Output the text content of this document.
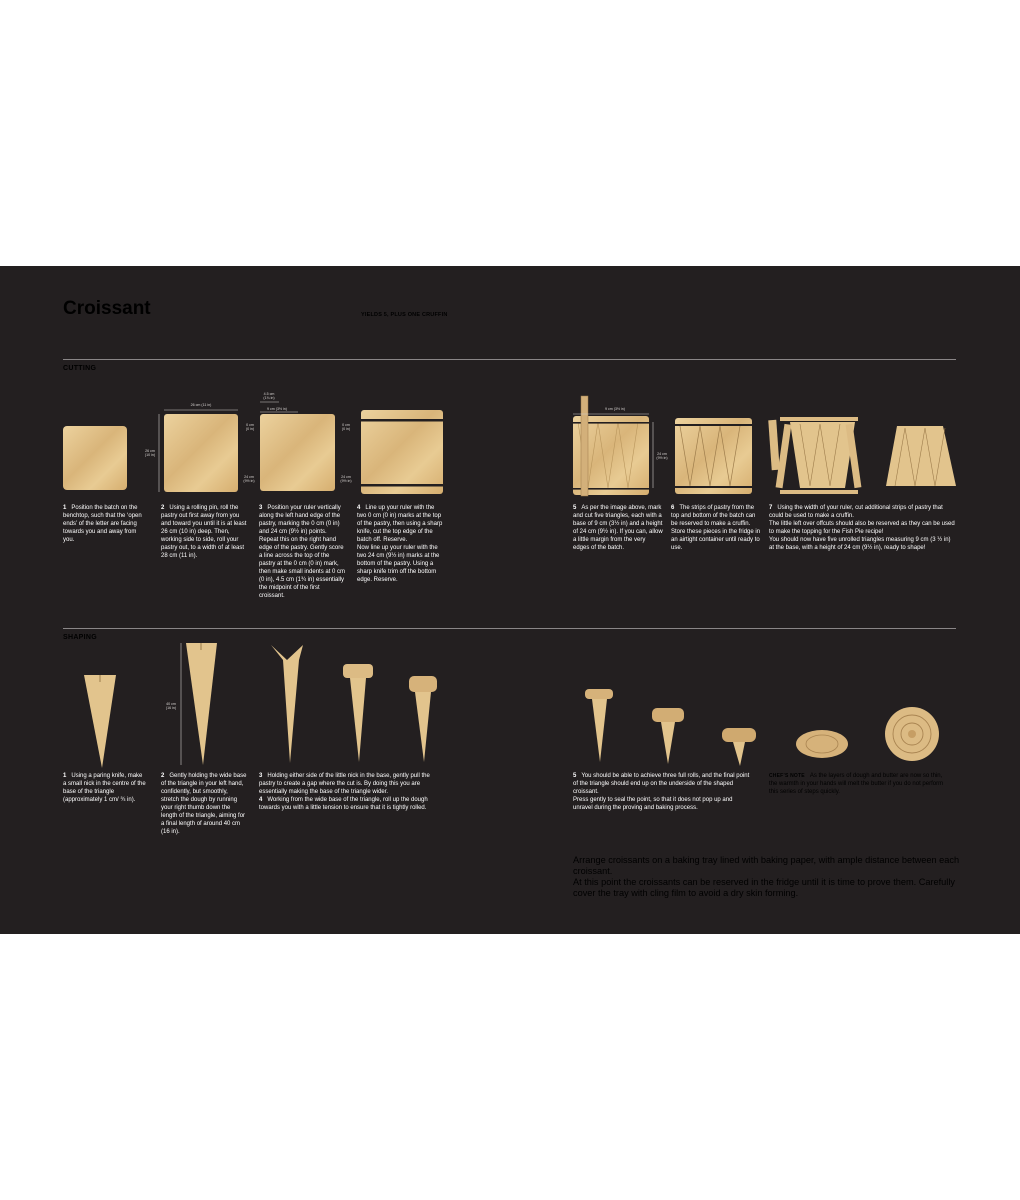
Croissant	YIELDS 5, PLUS ONE CRUFFIN
CUTTING
26 cm (11 in)
26 cm
(10 in)
4.5 cm
(1¾ in)
9 cm (3½ in)
0 cm
(0 in)
24 cm
(9½ in)
0 cm
(0 in)
24 cm
(9½ in)
9 cm (3½ in)
24 cm
(9½ in)
1 Position the batch on the benchtop, such that the ‘open ends’ of the letter are facing towards you and away from you.
2 Using a rolling pin, roll the pastry out first away from you and toward you until it is at least 26 cm (10 in) deep. Then, working side to side, roll your pastry out, to a width of at least 28 cm (11 in).
3 Position your ruler vertically along the left hand edge of the pastry, marking the 0 cm (0 in) and 24 cm (9½ in) points. Repeat this on the right hand edge of the pastry. Gently score a line across the top of the pastry at the 0 cm (0 in) mark, then make small indents at 0 cm (0 in), 4.5 cm (1¾ in) essentially the midpoint of the first croissant.
4 Line up your ruler with the two 0 cm (0 in) marks at the top of the pastry, then using a sharp knife, cut the top edge of the batch off. Reserve.
Now line up your ruler with the two 24 cm (9½ in) marks at the bottom of the pastry. Using a sharp knife trim off the bottom edge. Reserve.
5 As per the image above, mark and cut five triangles, each with a base of 9 cm (3½ in) and a height of 24 cm (9½ in). If you can, allow a little margin from the very edges of the batch.
6 The strips of pastry from the top and bottom of the batch can be reserved to make a cruffin. Store these pieces in the fridge in an airtight container until ready to use.
7 Using the width of your ruler, cut additional strips of pastry that could be used to make a cruffin.
The little left over offcuts should also be reserved as they can be used to make the topping for the Fish Pie recipe!
You should now have five unrolled triangles measuring 9 cm (3 ½ in) at the base, with a height of 24 cm (9½ in), ready to shape!
SHAPING
40 cm
(16 in)
1 Using a paring knife, make a small nick in the centre of the base of the triangle (approximately 1 cm/ ¾ in).
2 Gently holding the wide base of the triangle in your left hand, confidently, but smoothly, stretch the dough by running your right thumb down the length of the triangle, aiming for a final length of around 40 cm (16 in).
3 Holding either side of the little nick in the base, gently pull the pastry to create a gap where the cut is. By doing this you are essentially making the base of the triangle wider.
4 Working from the wide base of the triangle, roll up the dough towards you with a little tension to ensure that it is tightly rolled.
5 You should be able to achieve three full rolls, and the final point of the triangle should end up on the underside of the shaped croissant.
Press gently to seal the point, so that it does not pop up and unravel during the proving and baking process.
CHEF’S NOTE As the layers of dough and butter are now so thin, the warmth in your hands will melt the butter if you do not perform this series of steps quickly.
Arrange croissants on a baking tray lined with baking paper, with ample distance between each croissant.
At this point the croissants can be reserved in the fridge until it is time to prove them. Carefully cover the tray with cling film to avoid a dry skin forming.
